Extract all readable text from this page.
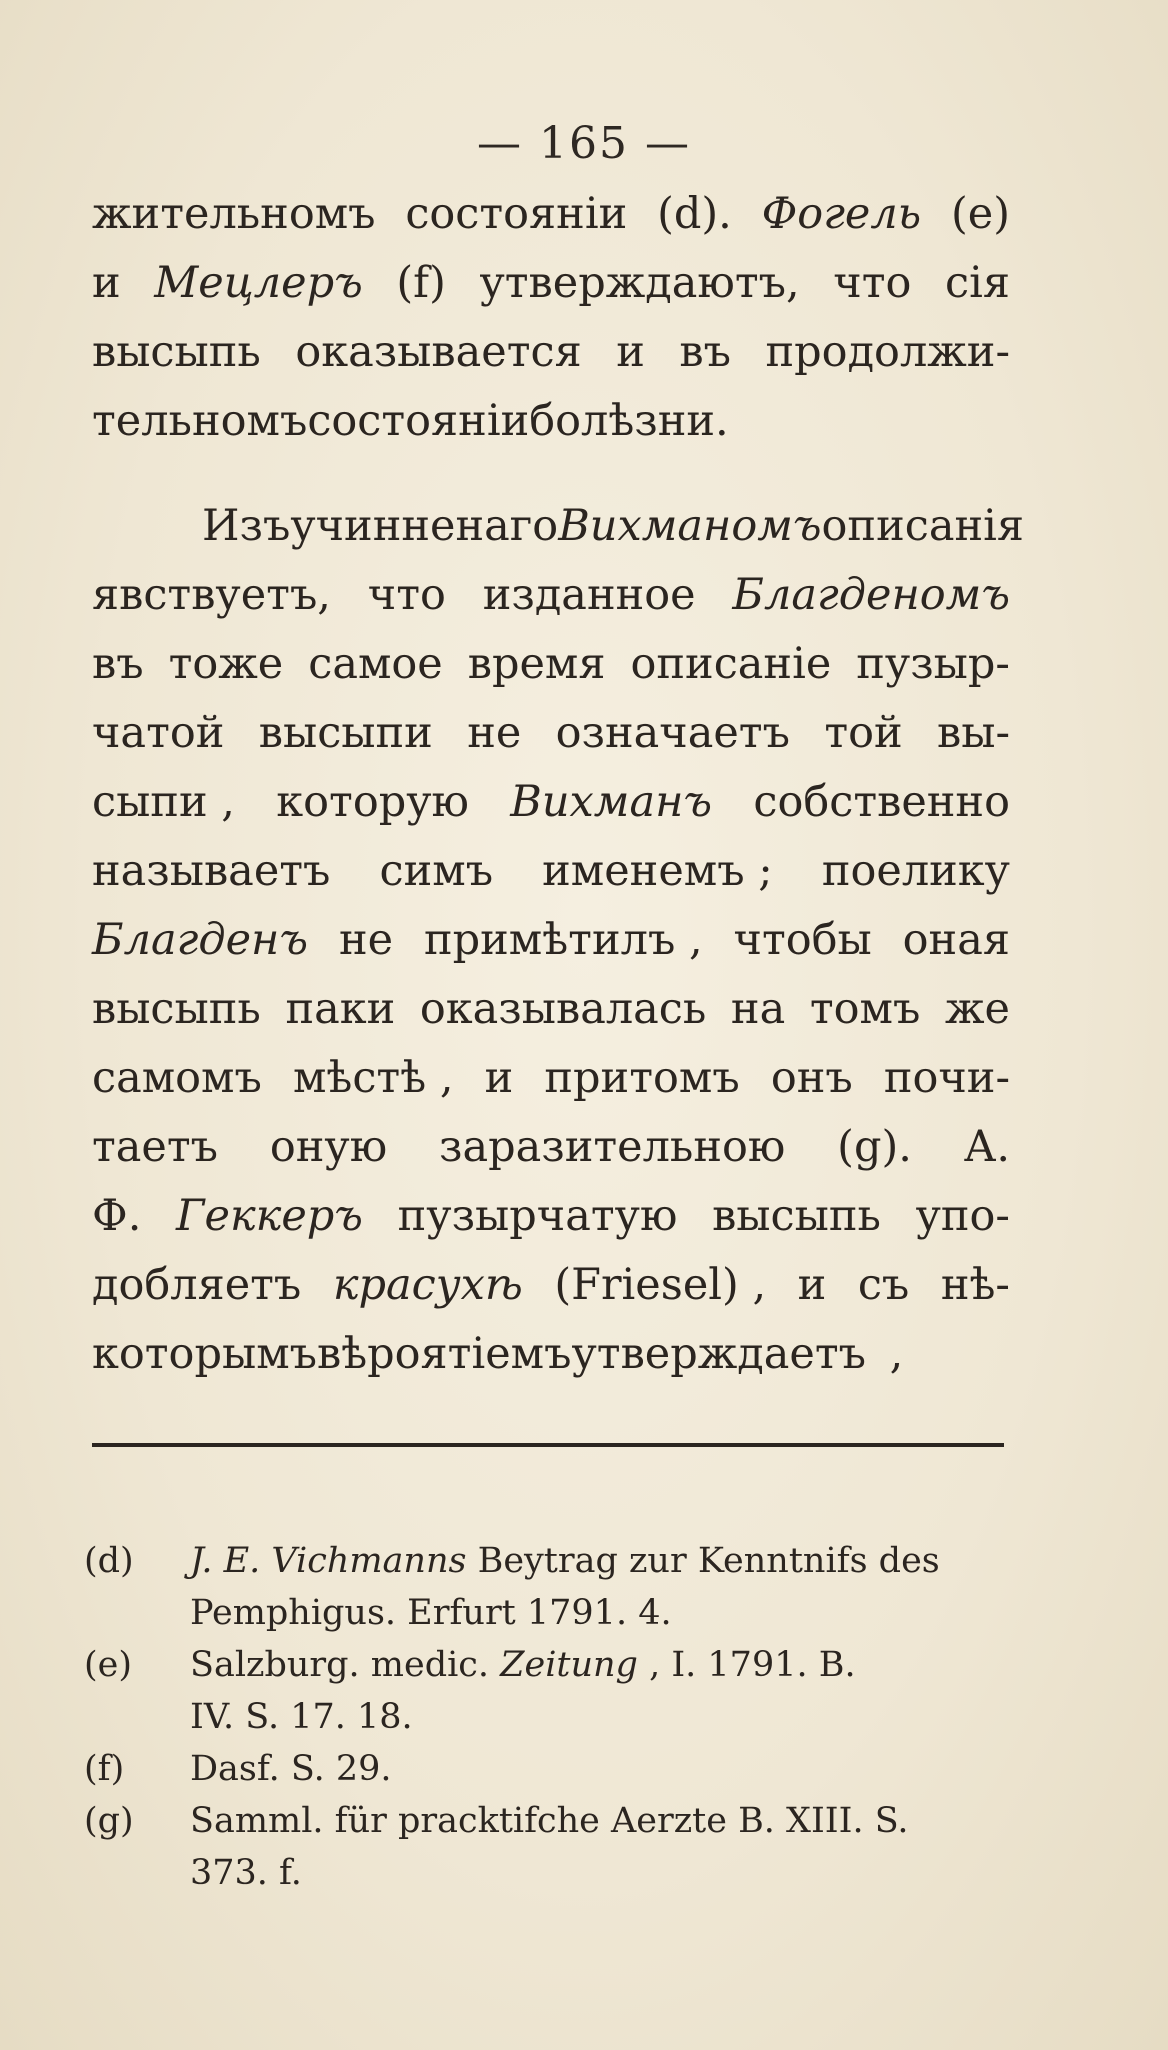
— 165 —
жительномъ состоянiи (d). Фогель (e)
и Мецлеръ (f) утверждаютъ, что сiя
высыпь оказывается и въ продолжи-
тельномъ состоянiи болѣзни.
Изъ учинненаго Вихманомъ описанiя
явствуетъ, что изданное Благденомъ
въ тоже самое время описанiе пузыр-
чатой высыпи не означаетъ той вы-
сыпи , которую Вихманъ собственно
называетъ симъ именемъ ; поелику
Благденъ не примѣтилъ , чтобы оная
высыпь паки оказывалась на томъ же
самомъ мѣстѣ , и притомъ онъ почи-
таетъ оную заразительною (g). А.
Ф. Геккеръ пузырчатую высыпь упо-
добляетъ красухѣ (Friesel) , и съ нѣ-
которымъ вѣроятiемъ утверждаетъ ,
(d) J. E. Vichmanns Beytrag zur Kenntnifs des
Pemphigus. Erfurt 1791. 4.
(e) Salzburg. medic. Zeitung , I. 1791. B.
IV. S. 17. 18.
(f) Dasf. S. 29.
(g) Samml. für pracktifche Aerzte B. XIII. S.
373. f.
